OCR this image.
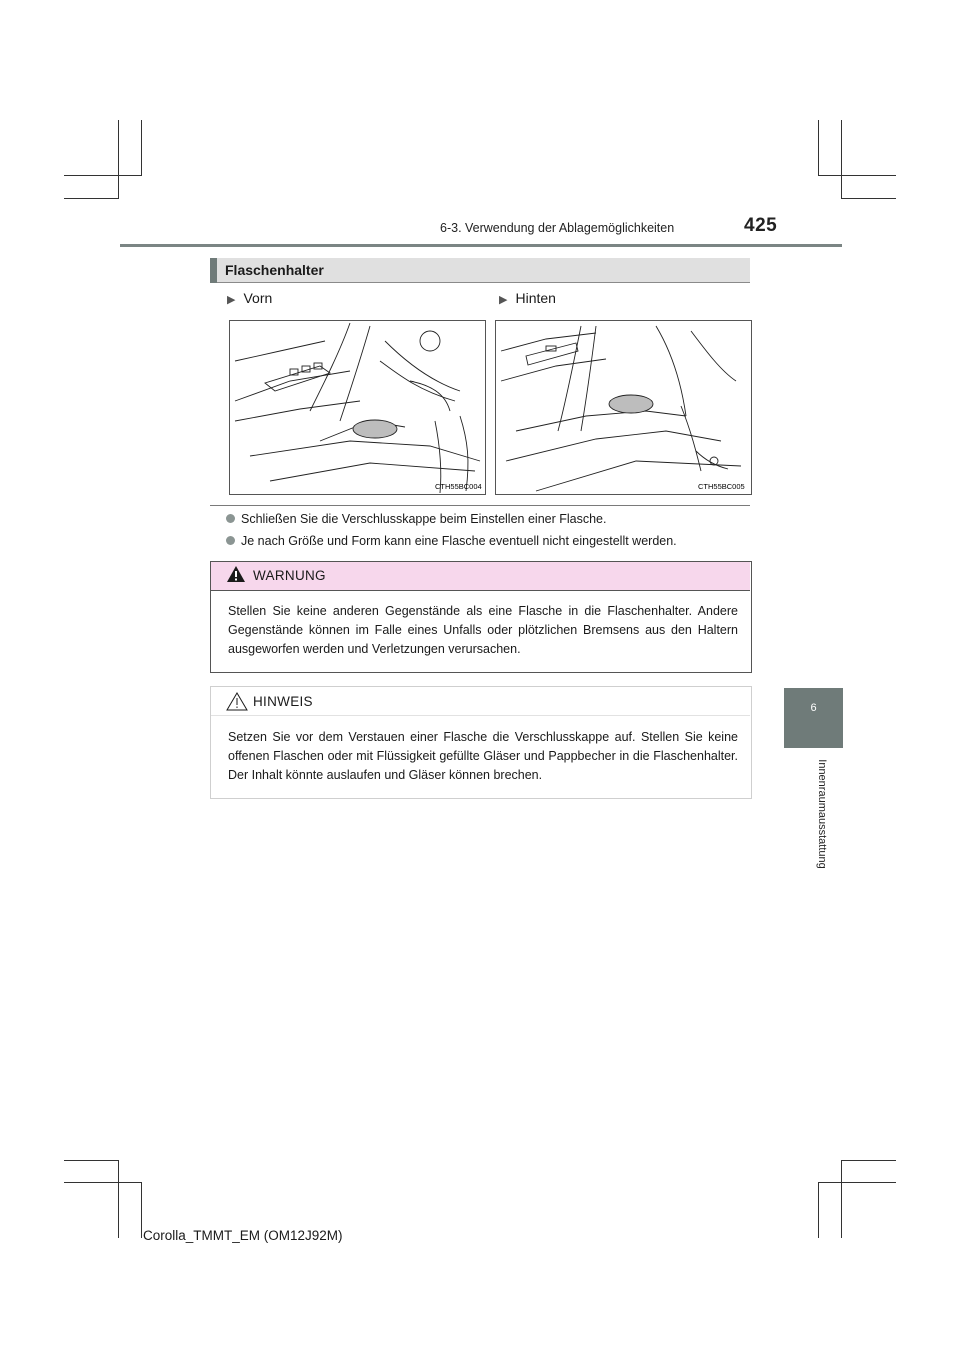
6-3. Verwendung der Ablagemöglichkeiten	425
6
Innenraumausstattung
Flaschenhalter
▶ Vorn	▶ Hinten
CTH55BC004	CTH55BC005
Schließen Sie die Verschlusskappe beim Einstellen einer Flasche.
Je nach Größe und Form kann eine Flasche eventuell nicht eingestellt werden.
WARNUNG
Stellen Sie keine anderen Gegenstände als eine Flasche in die Flaschenhalter. Andere Gegenstände können im Falle eines Unfalls oder plötzlichen Bremsens aus den Haltern ausgeworfen werden und Verletzungen verursachen.
HINWEIS
Setzen Sie vor dem Verstauen einer Flasche die Verschlusskappe auf. Stellen Sie keine offenen Flaschen oder mit Flüssigkeit gefüllte Gläser und Pappbecher in die Flaschenhalter. Der Inhalt könnte auslaufen und Gläser können brechen.
Corolla_TMMT_EM (OM12J92M)
